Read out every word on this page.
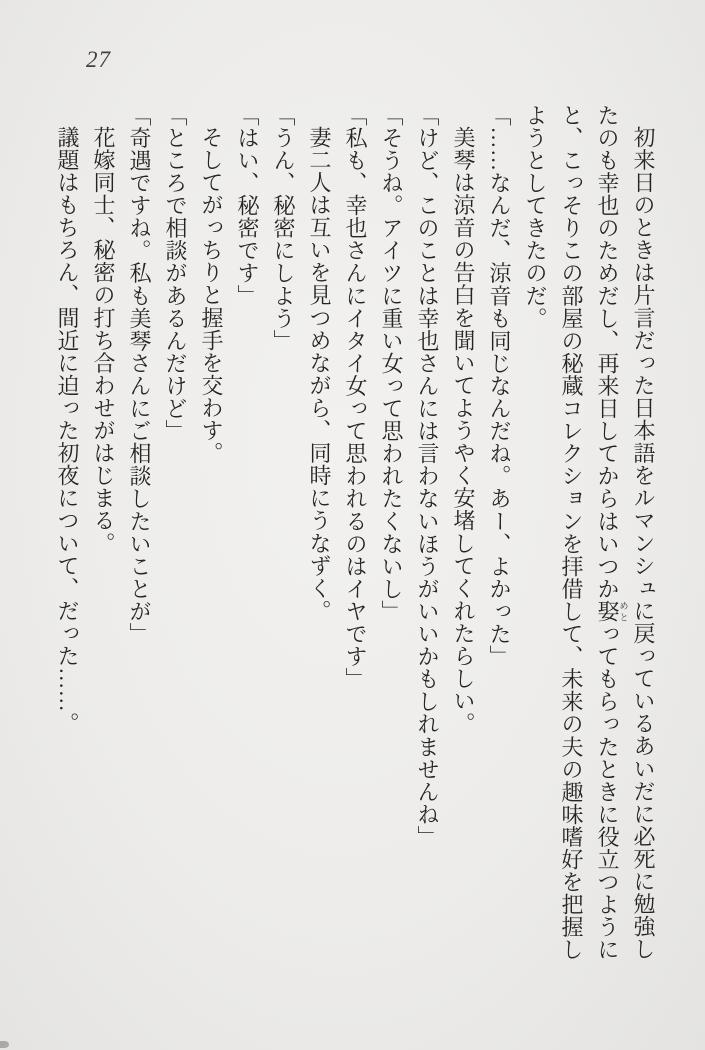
27

初来日のときは片言だった日本語をルマンシュに戻っているあいだに必死に勉強したのも幸也のためだし、再来日してからはいつか娶めとってもらったときに役立つようにと、こっそりこの部屋の秘蔵コレクションを拝借して、未来の夫の趣味嗜好を把握しようとしてきたのだ。

「……なんだ、涼音も同じなんだね。あー、よかった」

美琴は涼音の告白を聞いてようやく安堵してくれたらしい。

「けど、このことは幸也さんには言わないほうがいいかもしれませんね」

「そうね。アイツに重い女って思われたくないし」

「私も、幸也さんにイタイ女って思われるのはイヤです」

妻二人は互いを見つめながら、同時にうなずく。

「うん、秘密にしよう」

「はい、秘密です」

そしてがっちりと握手を交わす。

「ところで相談があるんだけど」

「奇遇ですね。私も美琴さんにご相談したいことが」

花嫁同士、秘密の打ち合わせがはじまる。

議題はもちろん、間近に迫った初夜について、だった……。
